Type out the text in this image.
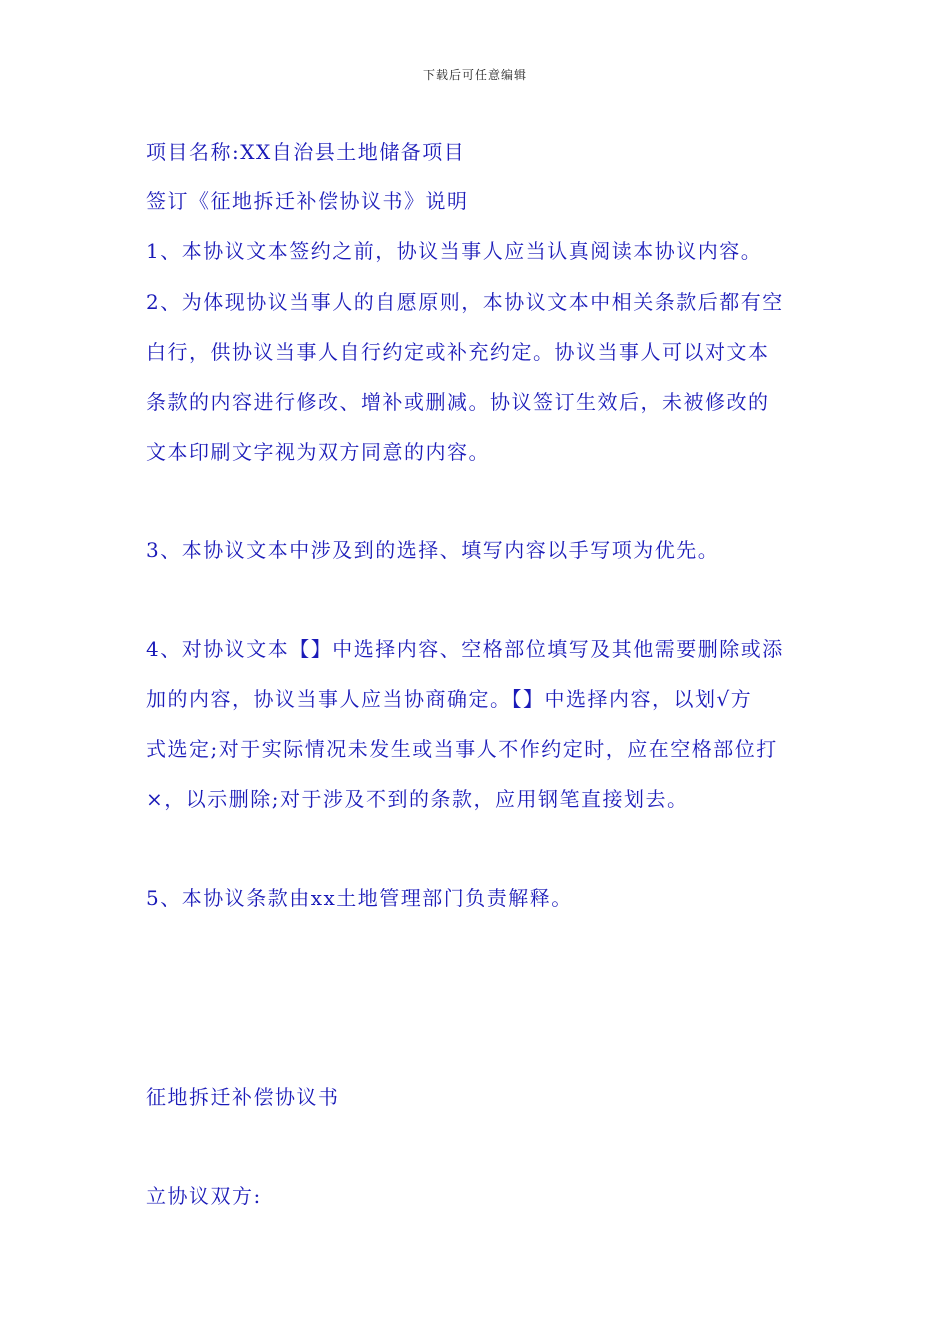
下载后可任意编辑
项目名称:XX自治县土地储备项目
签订《征地拆迁补偿协议书》说明
1、本协议文本签约之前，协议当事人应当认真阅读本协议内容。
2、为体现协议当事人的自愿原则，本协议文本中相关条款后都有空
白行，供协议当事人自行约定或补充约定。协议当事人可以对文本
条款的内容进行修改、增补或删减。协议签订生效后，未被修改的
文本印刷文字视为双方同意的内容。
3、本协议文本中涉及到的选择、填写内容以手写项为优先。
4、对协议文本【】中选择内容、空格部位填写及其他需要删除或添
加的内容，协议当事人应当协商确定。【】中选择内容，以划√方
式选定;对于实际情况未发生或当事人不作约定时，应在空格部位打
×，以示删除;对于涉及不到的条款，应用钢笔直接划去。
5、本协议条款由xx土地管理部门负责解释。
征地拆迁补偿协议书
立协议双方:
